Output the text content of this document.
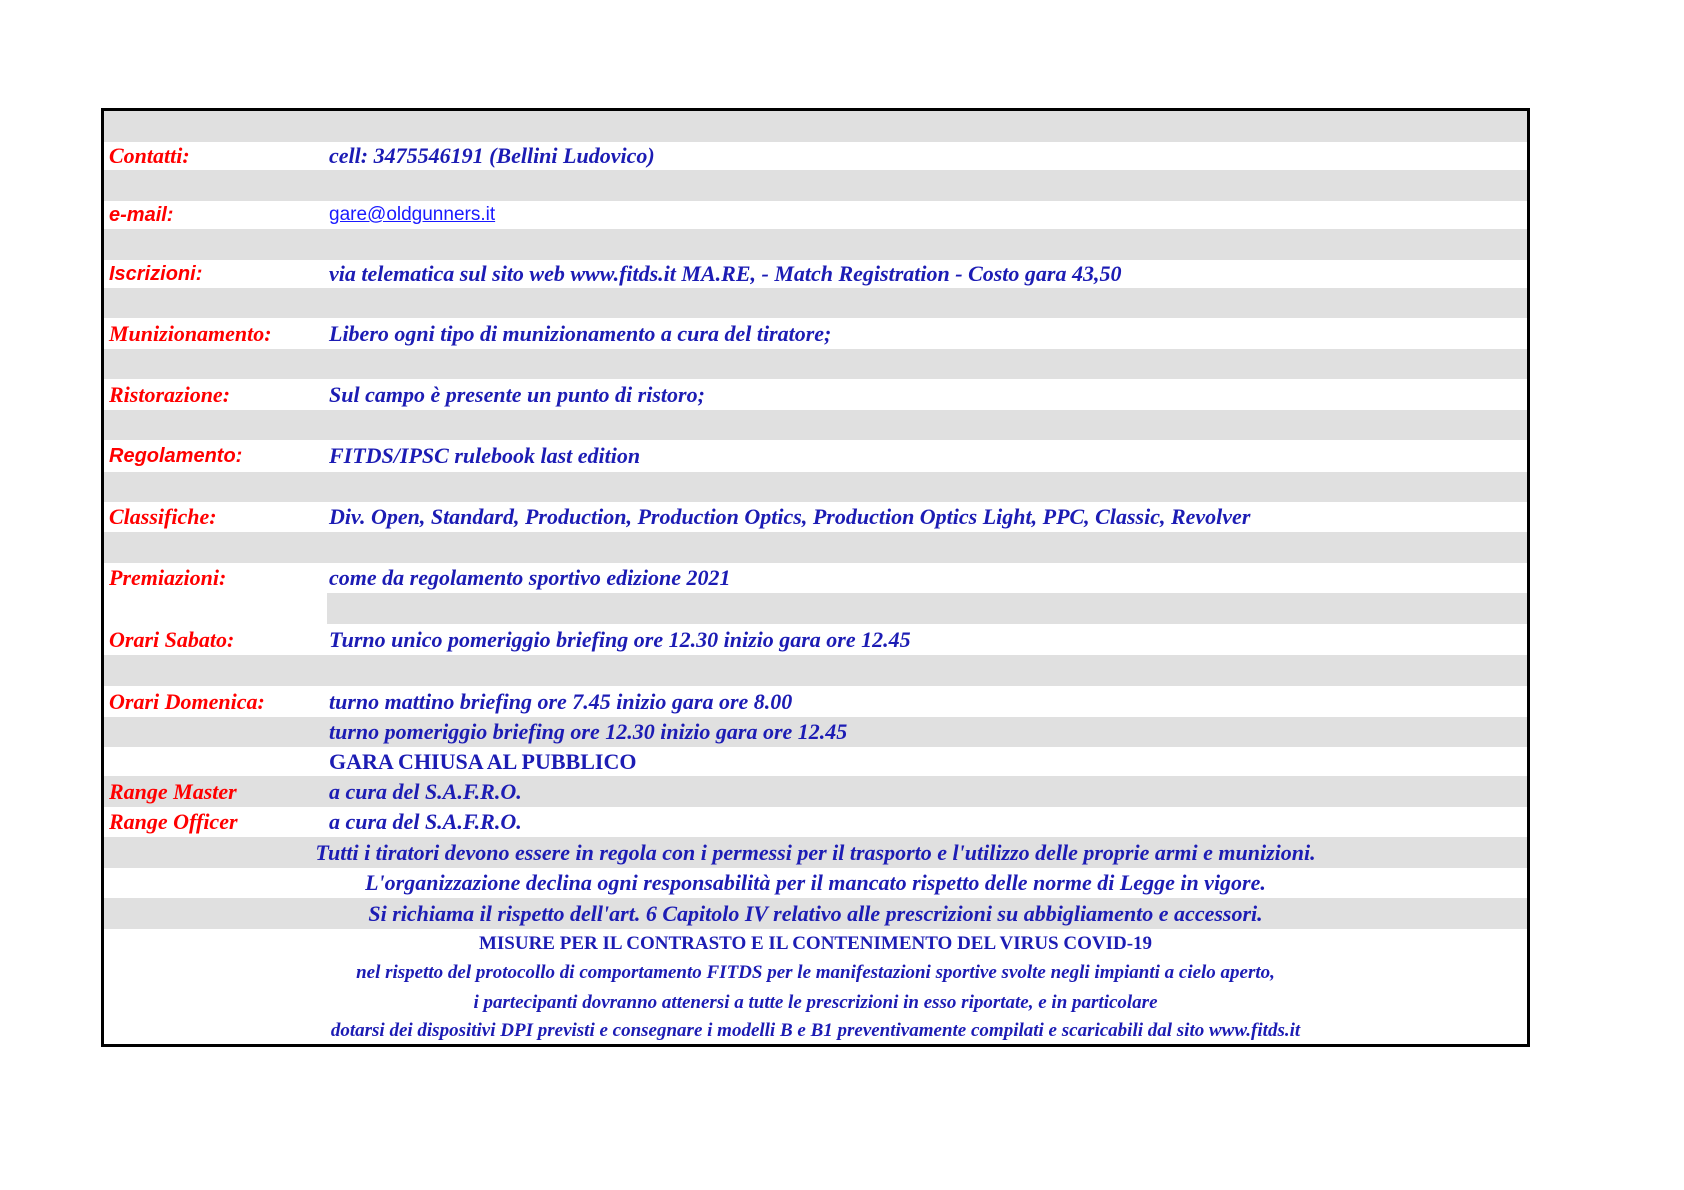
Contatti:	cell: 3475546191 (Bellini Ludovico)
e-mail:	gare@oldgunners.it
Iscrizioni:	via telematica sul sito web www.fitds.it MA.RE, - Match Registration - Costo gara 43,50
Munizionamento:	Libero ogni tipo di munizionamento a cura del tiratore;
Ristorazione:	Sul campo è presente un punto di ristoro;
Regolamento:	FITDS/IPSC rulebook last edition
Classifiche:	Div. Open, Standard, Production, Production Optics, Production Optics Light, PPC, Classic, Revolver
Premiazioni:	come da regolamento sportivo edizione 2021
Orari Sabato:	Turno unico pomeriggio briefing ore 12.30 inizio gara ore 12.45
Orari Domenica:	turno mattino briefing ore 7.45 inizio gara ore 8.00
turno pomeriggio briefing ore 12.30 inizio gara ore 12.45
GARA CHIUSA AL PUBBLICO
Range Master	a cura del S.A.F.R.O.
Range Officer	a cura del S.A.F.R.O.
Tutti i tiratori devono essere in regola con i permessi per il trasporto e l'utilizzo delle proprie armi e munizioni.
L'organizzazione declina ogni responsabilità per il mancato rispetto delle norme di Legge in vigore.
Si richiama il rispetto dell'art. 6 Capitolo IV relativo alle prescrizioni su abbigliamento e accessori.
MISURE PER IL CONTRASTO E IL CONTENIMENTO DEL VIRUS COVID-19
nel rispetto del protocollo di comportamento FITDS per le manifestazioni sportive svolte negli impianti a cielo aperto,
i partecipanti dovranno attenersi a tutte le prescrizioni in esso riportate, e in particolare
dotarsi dei dispositivi DPI previsti e consegnare i modelli B e B1 preventivamente compilati e scaricabili dal sito www.fitds.it
